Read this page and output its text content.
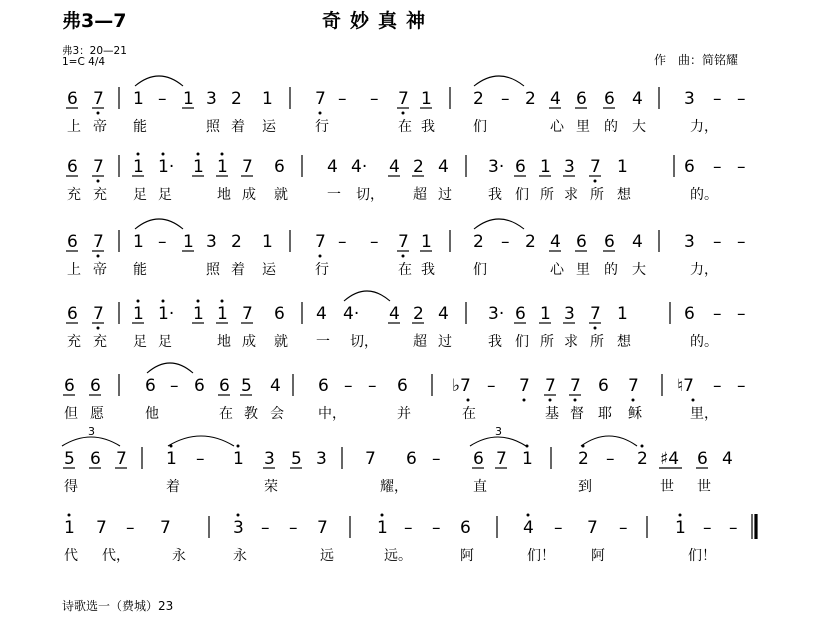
弗3—7	奇妙真神
弗3：20—21
1=C 4/4	作　曲：简铭耀
6 7 1 – 1 3 2 1 7 – – 7 1 2 – 2 4 6 6 4 3 – –
上 帝 能	照 着 运	行	在 我	们	心 里 的 大	力，
6 7 1 1· 1 1 7 6 4 4· 4 2 4 3· 6 1 3 7 1	6 – –
充 充 足 足	地 成 就	一 切， 超 过	我 们 所 求 所 想	的。
6 7 1 – 1 3 2 1 7 – – 7 1 2 – 2 4 6 6 4 3 – –
上 帝 能	照 着 运	行	在 我	们	心 里 的 大	力，
6 7 1 1· 1 1 7 6 4 4· 4 2 4 3· 6 1 3 7 1	6 – –
充 充 足 足	地 成 就 一 切，	超 过	我 们 所 求 所 想	的。
6 6	6 – 6 6 5 4 6 – – 6	♭7 – 7 7 7 6 7 ♮7 – –
但 愿	他	在 教 会 中，	并	在	基 督 耶 稣	里，
5 6 7 1 – 1 3 5 3 7 6 – 6 7 1	2 – 2 ♯4 6 4
3	3
得	着	荣	耀，	直	到	世 世
1 7 – 7	3 – – 7	1 – – 6	4 – 7 –	1 – –
代 代，	永	永	远	远。	阿	们！	阿	们！
诗歌选一（费城）23
